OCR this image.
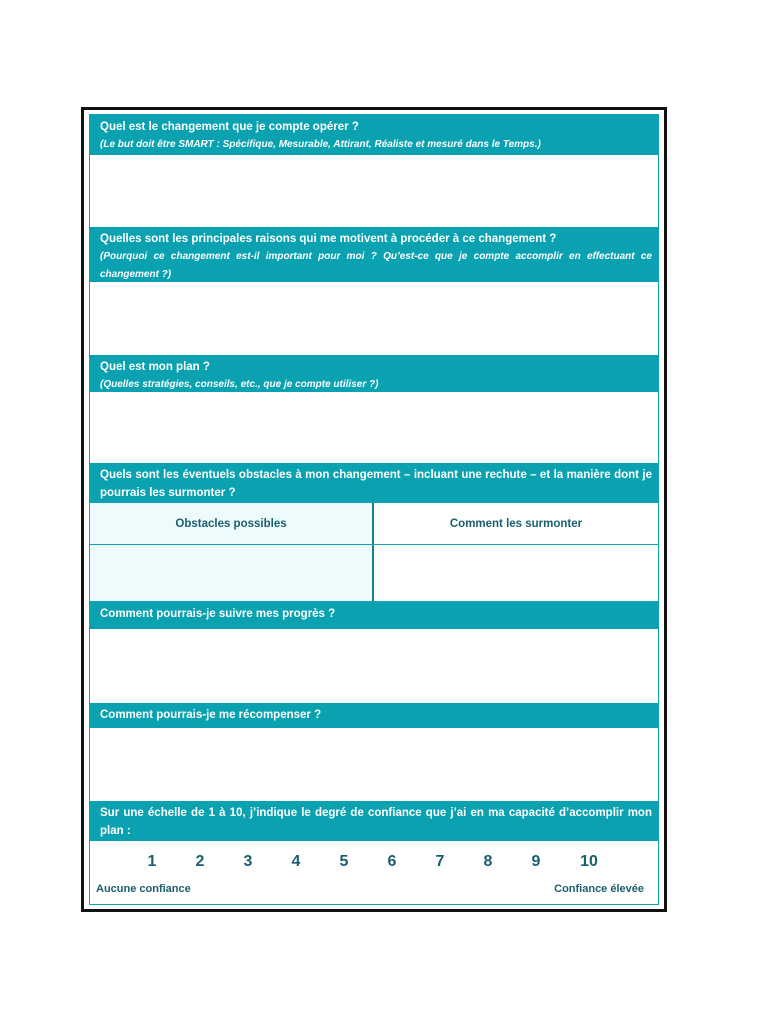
Quel est le changement que je compte opérer ?
(Le but doit être SMART : Spécifique, Mesurable, Attirant, Réaliste et mesuré dans le Temps.)
Quelles sont les principales raisons qui me motivent à procéder à ce changement ?
(Pourquoi ce changement est-il important pour moi ? Qu’est-ce que je compte accomplir en effectuant ce changement ?)
Quel est mon plan ?
(Quelles stratégies, conseils, etc., que je compte utiliser ?)
Quels sont les éventuels obstacles à mon changement – incluant une rechute – et la manière dont je pourrais les surmonter ?
Obstacles possibles	Comment les surmonter
Comment pourrais-je suivre mes progrès ?
Comment pourrais-je me récompenser ?
Sur une échelle de 1 à 10, j’indique le degré de confiance que j’ai en ma capacité d’accomplir mon plan :
1	2	3	4	5	6	7	8	9	10
Aucune confiance	Confiance élevée
